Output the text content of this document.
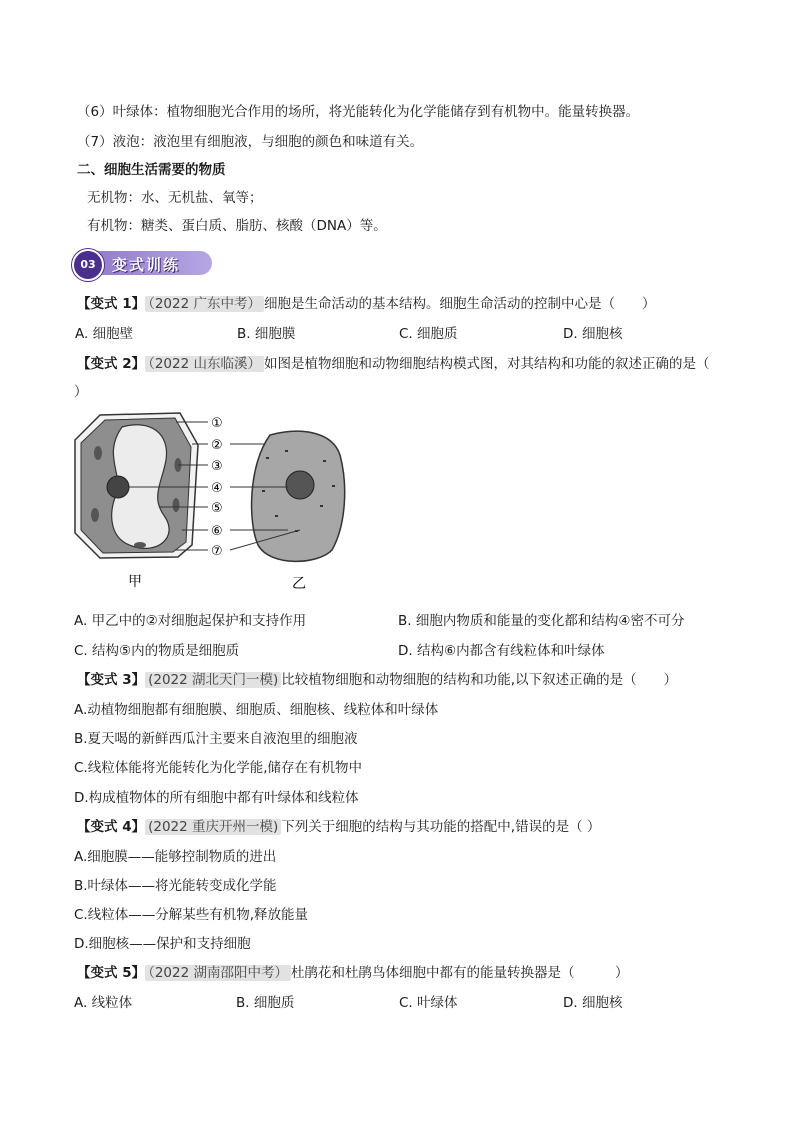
（6）叶绿体：植物细胞光合作用的场所，将光能转化为化学能储存到有机物中。能量转换器。
（7）液泡：液泡里有细胞液，与细胞的颜色和味道有关。
二、细胞生活需要的物质
无机物：水、无机盐、氧等；
有机物：糖类、蛋白质、脂肪、核酸（DNA）等。
03	变式训练
【变式 1】 （2022 广东中考） 细胞是生命活动的基本结构。细胞生命活动的控制中心是（　　）
A. 细胞壁	B. 细胞膜	C. 细胞质	D. 细胞核
【变式 2】 （2022 山东临溪） 如图是植物细胞和动物细胞结构模式图，对其结构和功能的叙述正确的是（
）
甲	乙
①
②
③
④
⑤
⑥
⑦
A. 甲乙中的②对细胞起保护和支持作用	B. 细胞内物质和能量的变化都和结构④密不可分
C. 结构⑤内的物质是细胞质	D. 结构⑥内都含有线粒体和叶绿体
【变式 3】 (2022 湖北天门一模) 比较植物细胞和动物细胞的结构和功能,以下叙述正确的是（　　）
A.动植物细胞都有细胞膜、细胞质、细胞核、线粒体和叶绿体
B.夏天喝的新鲜西瓜汁主要来自液泡里的细胞液
C.线粒体能将光能转化为化学能,储存在有机物中
D.构成植物体的所有细胞中都有叶绿体和线粒体
【变式 4】 (2022 重庆开州一模) 下列关于细胞的结构与其功能的搭配中,错误的是（ ）
A.细胞膜——能够控制物质的进出
B.叶绿体——将光能转变成化学能
C.线粒体——分解某些有机物,释放能量
D.细胞核——保护和支持细胞
【变式 5】 （2022 湖南邵阳中考） 杜鹃花和杜鹃鸟体细胞中都有的能量转换器是（　　　）
A. 线粒体	B. 细胞质	C. 叶绿体	D. 细胞核
